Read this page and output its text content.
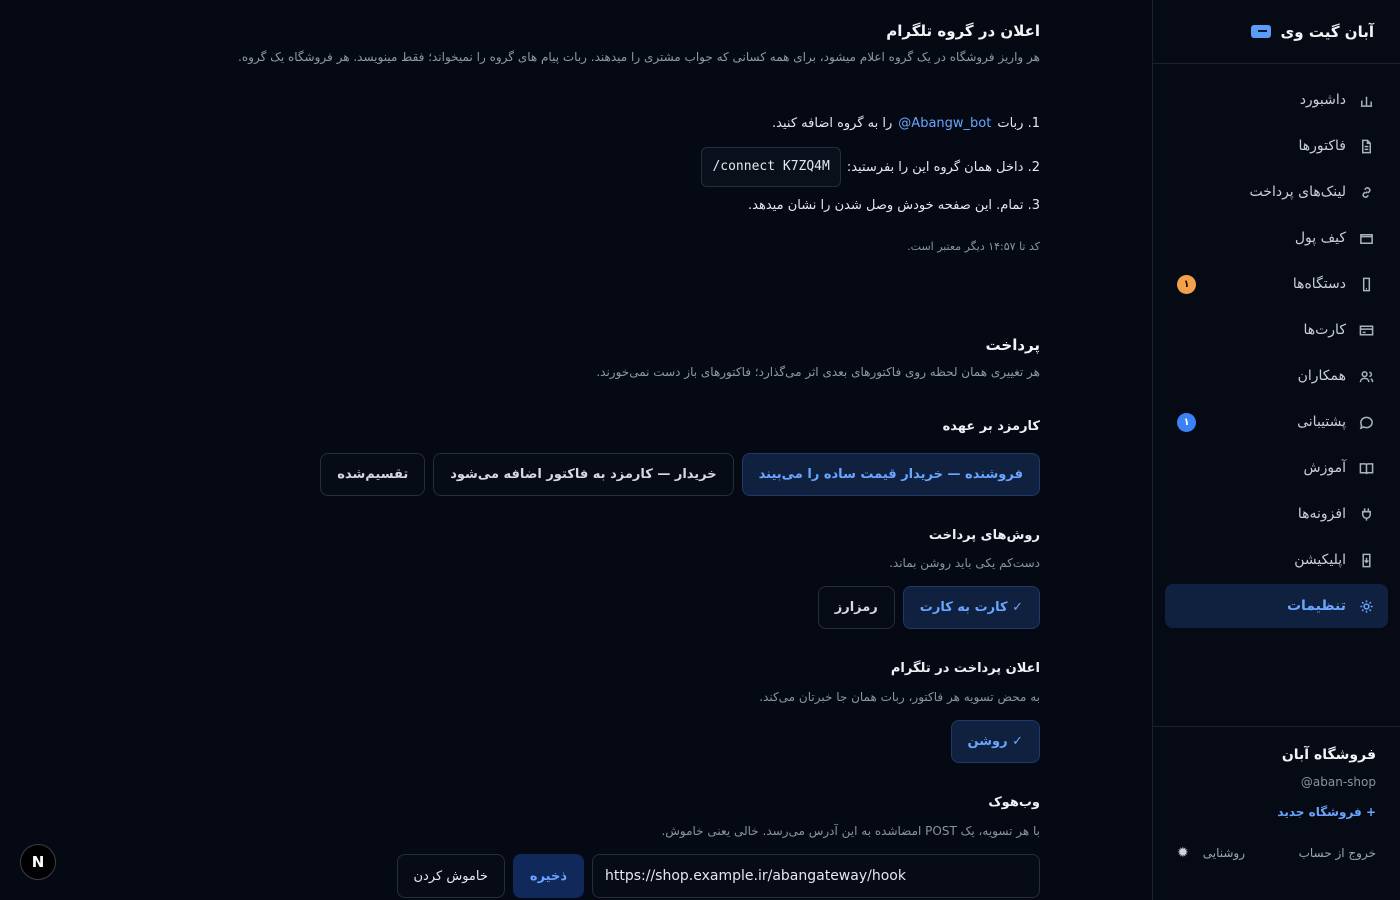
آبان گیت وی
داشبورد
فاکتورها
لینک‌های پرداخت
کیف پول
دستگاه‌ها
۱
کارت‌ها
همکاران
پشتیبانی
۱
آموزش
افزونه‌ها
اپلیکیشن
تنظیمات
فروشگاه آبان
@aban-shop
+ فروشگاه جدید
خروج از حساب
روشنایی
✹
اعلان در گروه تلگرام
هر واریز فروشگاه در یک گروه اعلام میشود، برای همه کسانی که جواب مشتری را میدهند. ربات پیام های گروه را نمیخواند؛ فقط مینویسد. هر فروشگاه یک گروه.
1. ربات
@Abangw_bot
را به گروه اضافه کنید.
2. داخل همان گروه این را بفرستید:
/connect K7ZQ4M
3. تمام. این صفحه خودش وصل شدن را نشان میدهد.
کد تا ۱۴:۵۷ دیگر معتبر است.
پرداخت
هر تغییری همان لحظه روی فاکتورهای بعدی اثر می‌گذارد؛ فاکتورهای باز دست نمی‌خورند.
کارمزد بر عهده
فروشنده — خریدار قیمت ساده را می‌بیند
خریدار — کارمزد به فاکتور اضافه می‌شود
تقسیم‌شده
روش‌های پرداخت
دست‌کم یکی باید روشن بماند.
✓ کارت به کارت
رمزارز
اعلان پرداخت در تلگرام
به محض تسویه هر فاکتور، ربات همان جا خبرتان می‌کند.
✓ روشن
وب‌هوک
با هر تسویه، یک POST امضاشده به این آدرس می‌رسد. خالی یعنی خاموش.
https://shop.example.ir/abangateway/hook
ذخیره
خاموش کردن
N
